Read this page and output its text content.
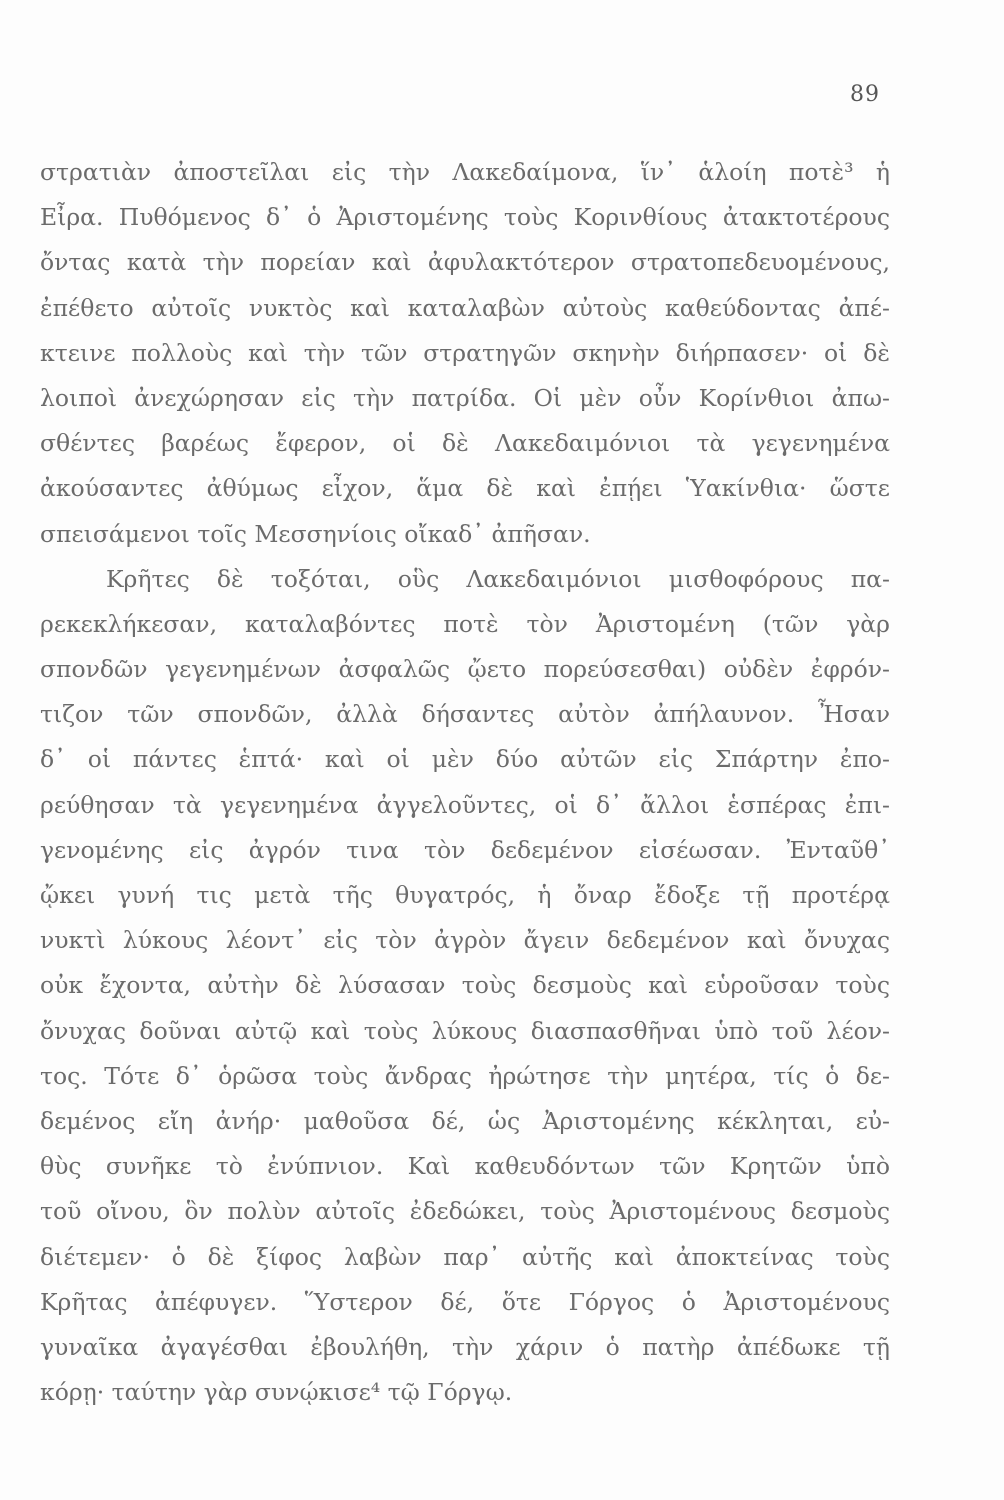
89
στρατιὰν ἀποστεῖλαι εἰς τὴν Λακεδαίμονα, ἵν᾽ ἁλοίη ποτὲ³ ἡ
Εἶρα. Πυθόμενος δ᾽ ὁ Ἀριστομένης τοὺς Κορινθίους ἀτακτοτέρους
ὄντας κατὰ τὴν πορείαν καὶ ἀφυλακτότερον στρατοπεδευομένους,
ἐπέθετο αὐτοῖς νυκτὸς καὶ καταλαβὼν αὐτοὺς καθεύδοντας ἀπέ-
κτεινε πολλοὺς καὶ τὴν τῶν στρατηγῶν σκηνὴν διήρπασεν· οἱ δὲ
λοιποὶ ἀνεχώρησαν εἰς τὴν πατρίδα. Οἱ μὲν οὖν Κορίνθιοι ἀπω-
σθέντες βαρέως ἔφερον, οἱ δὲ Λακεδαιμόνιοι τὰ γεγενημένα
ἀκούσαντες ἀθύμως εἶχον, ἅμα δὲ καὶ ἐπῄει Ὑακίνθια· ὥστε
σπεισάμενοι τοῖς Μεσσηνίοις οἴκαδ᾽ ἀπῆσαν.
Κρῆτες δὲ τοξόται, οὓς Λακεδαιμόνιοι μισθοφόρους πα-
ρεκεκλήκεσαν, καταλαβόντες ποτὲ τὸν Ἀριστομένη (τῶν γὰρ
σπονδῶν γεγενημένων ἀσφαλῶς ᾤετο πορεύσεσθαι) οὐδὲν ἐφρόν-
τιζον τῶν σπονδῶν, ἀλλὰ δήσαντες αὐτὸν ἀπήλαυνον. Ἦσαν
δ᾽ οἱ πάντες ἑπτά· καὶ οἱ μὲν δύο αὐτῶν εἰς Σπάρτην ἐπο-
ρεύθησαν τὰ γεγενημένα ἀγγελοῦντες, οἱ δ᾽ ἄλλοι ἑσπέρας ἐπι-
γενομένης εἰς ἀγρόν τινα τὸν δεδεμένον εἰσέωσαν. Ἐνταῦθ᾽
ᾤκει γυνή τις μετὰ τῆς θυγατρός, ἡ ὄναρ ἔδοξε τῇ προτέρᾳ
νυκτὶ λύκους λέοντ᾽ εἰς τὸν ἀγρὸν ἄγειν δεδεμένον καὶ ὄνυχας
οὐκ ἔχοντα, αὐτὴν δὲ λύσασαν τοὺς δεσμοὺς καὶ εὑροῦσαν τοὺς
ὄνυχας δοῦναι αὐτῷ καὶ τοὺς λύκους διασπασθῆναι ὑπὸ τοῦ λέον-
τος. Τότε δ᾽ ὁρῶσα τοὺς ἄνδρας ἠρώτησε τὴν μητέρα, τίς ὁ δε-
δεμένος εἴη ἀνήρ· μαθοῦσα δέ, ὡς Ἀριστομένης κέκληται, εὐ-
θὺς συνῆκε τὸ ἐνύπνιον. Καὶ καθευδόντων τῶν Κρητῶν ὑπὸ
τοῦ οἴνου, ὃν πολὺν αὐτοῖς ἐδεδώκει, τοὺς Ἀριστομένους δεσμοὺς
διέτεμεν· ὁ δὲ ξίφος λαβὼν παρ᾽ αὐτῆς καὶ ἀποκτείνας τοὺς
Κρῆτας ἀπέφυγεν. Ὕστερον δέ, ὅτε Γόργος ὁ Ἀριστομένους
γυναῖκα ἀγαγέσθαι ἐβουλήθη, τὴν χάριν ὁ πατὴρ ἀπέδωκε τῇ
κόρῃ· ταύτην γὰρ συνῴκισε⁴ τῷ Γόργῳ.
